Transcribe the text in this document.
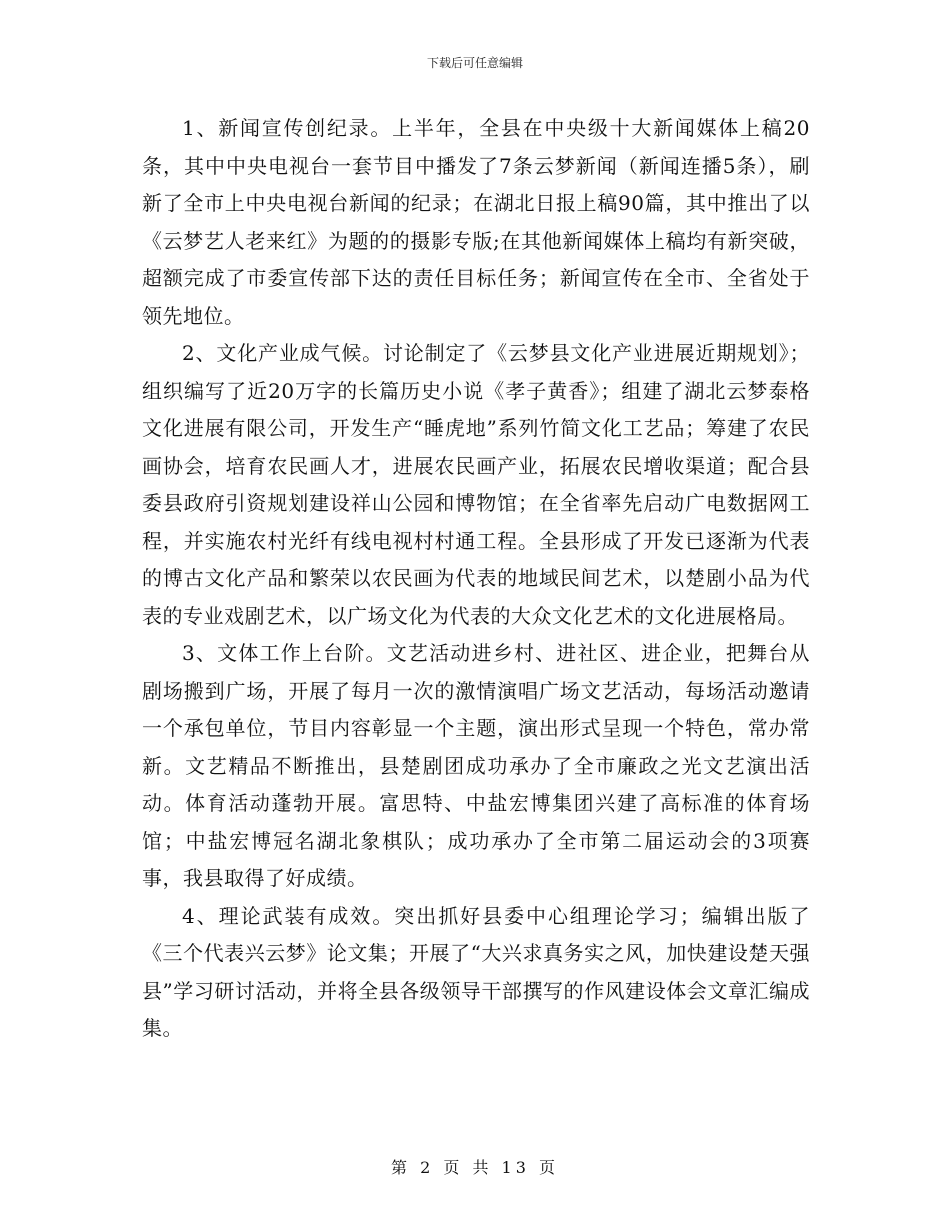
下载后可任意编辑

1、新闻宣传创纪录。上半年，全县在中央级十大新闻媒体上稿20条，其中中央电视台一套节目中播发了7条云梦新闻（新闻连播5条），刷新了全市上中央电视台新闻的纪录；在湖北日报上稿90篇，其中推出了以《云梦艺人老来红》为题的的摄影专版;在其他新闻媒体上稿均有新突破，超额完成了市委宣传部下达的责任目标任务；新闻宣传在全市、全省处于领先地位。

2、文化产业成气候。讨论制定了《云梦县文化产业进展近期规划》；组织编写了近20万字的长篇历史小说《孝子黄香》；组建了湖北云梦泰格文化进展有限公司，开发生产“睡虎地”系列竹简文化工艺品；筹建了农民画协会，培育农民画人才，进展农民画产业，拓展农民增收渠道；配合县委县政府引资规划建设祥山公园和博物馆；在全省率先启动广电数据网工程，并实施农村光纤有线电视村村通工程。全县形成了开发已逐渐为代表的博古文化产品和繁荣以农民画为代表的地域民间艺术，以楚剧小品为代表的专业戏剧艺术，以广场文化为代表的大众文化艺术的文化进展格局。

3、文体工作上台阶。文艺活动进乡村、进社区、进企业，把舞台从剧场搬到广场，开展了每月一次的激情演唱广场文艺活动，每场活动邀请一个承包单位，节目内容彰显一个主题，演出形式呈现一个特色，常办常新。文艺精品不断推出，县楚剧团成功承办了全市廉政之光文艺演出活动。体育活动蓬勃开展。富思特、中盐宏博集团兴建了高标准的体育场馆；中盐宏博冠名湖北象棋队；成功承办了全市第二届运动会的3项赛事，我县取得了好成绩。

4、理论武装有成效。突出抓好县委中心组理论学习；编辑出版了《三个代表兴云梦》论文集；开展了“大兴求真务实之风，加快建设楚天强县”学习研讨活动，并将全县各级领导干部撰写的作风建设体会文章汇编成集。

第 2 页 共 13 页
